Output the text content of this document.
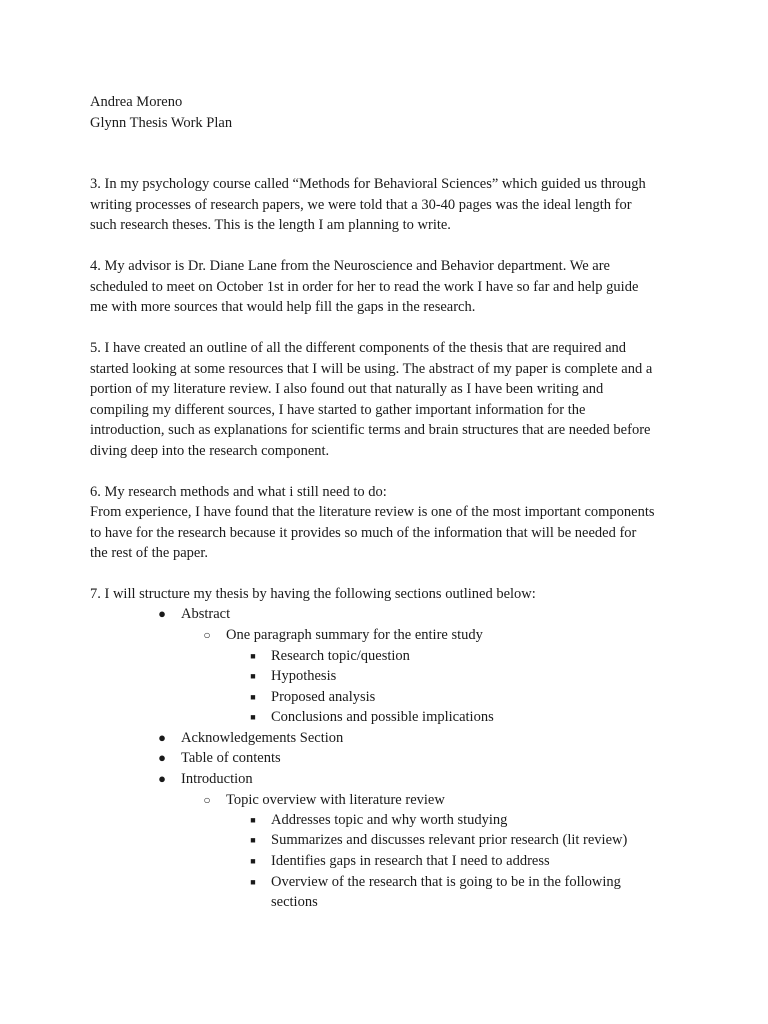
Andrea Moreno
Glynn Thesis Work Plan
3. In my psychology course called “Methods for Behavioral Sciences” which guided us through
writing processes of research papers, we were told that a 30-40 pages was the ideal length for
such research theses. This is the length I am planning to write.
4. My advisor is Dr. Diane Lane from the Neuroscience and Behavior department. We are
scheduled to meet on October 1st in order for her to read the work I have so far and help guide
me with more sources that would help fill the gaps in the research.
5. I have created an outline of all the different components of the thesis that are required and
started looking at some resources that I will be using. The abstract of my paper is complete and a
portion of my literature review. I also found out that naturally as I have been writing and
compiling my different sources, I have started to gather important information for the
introduction, such as explanations for scientific terms and brain structures that are needed before
diving deep into the research component.
6. My research methods and what i still need to do:
From experience, I have found that the literature review is one of the most important components
to have for the research because it provides so much of the information that will be needed for
the rest of the paper.
7. I will structure my thesis by having the following sections outlined below:
● Abstract
○ One paragraph summary for the entire study
■ Research topic/question
■ Hypothesis
■ Proposed analysis
■ Conclusions and possible implications
● Acknowledgements Section
● Table of contents
● Introduction
○ Topic overview with literature review
■ Addresses topic and why worth studying
■ Summarizes and discusses relevant prior research (lit review)
■ Identifies gaps in research that I need to address
■ Overview of the research that is going to be in the following
sections
